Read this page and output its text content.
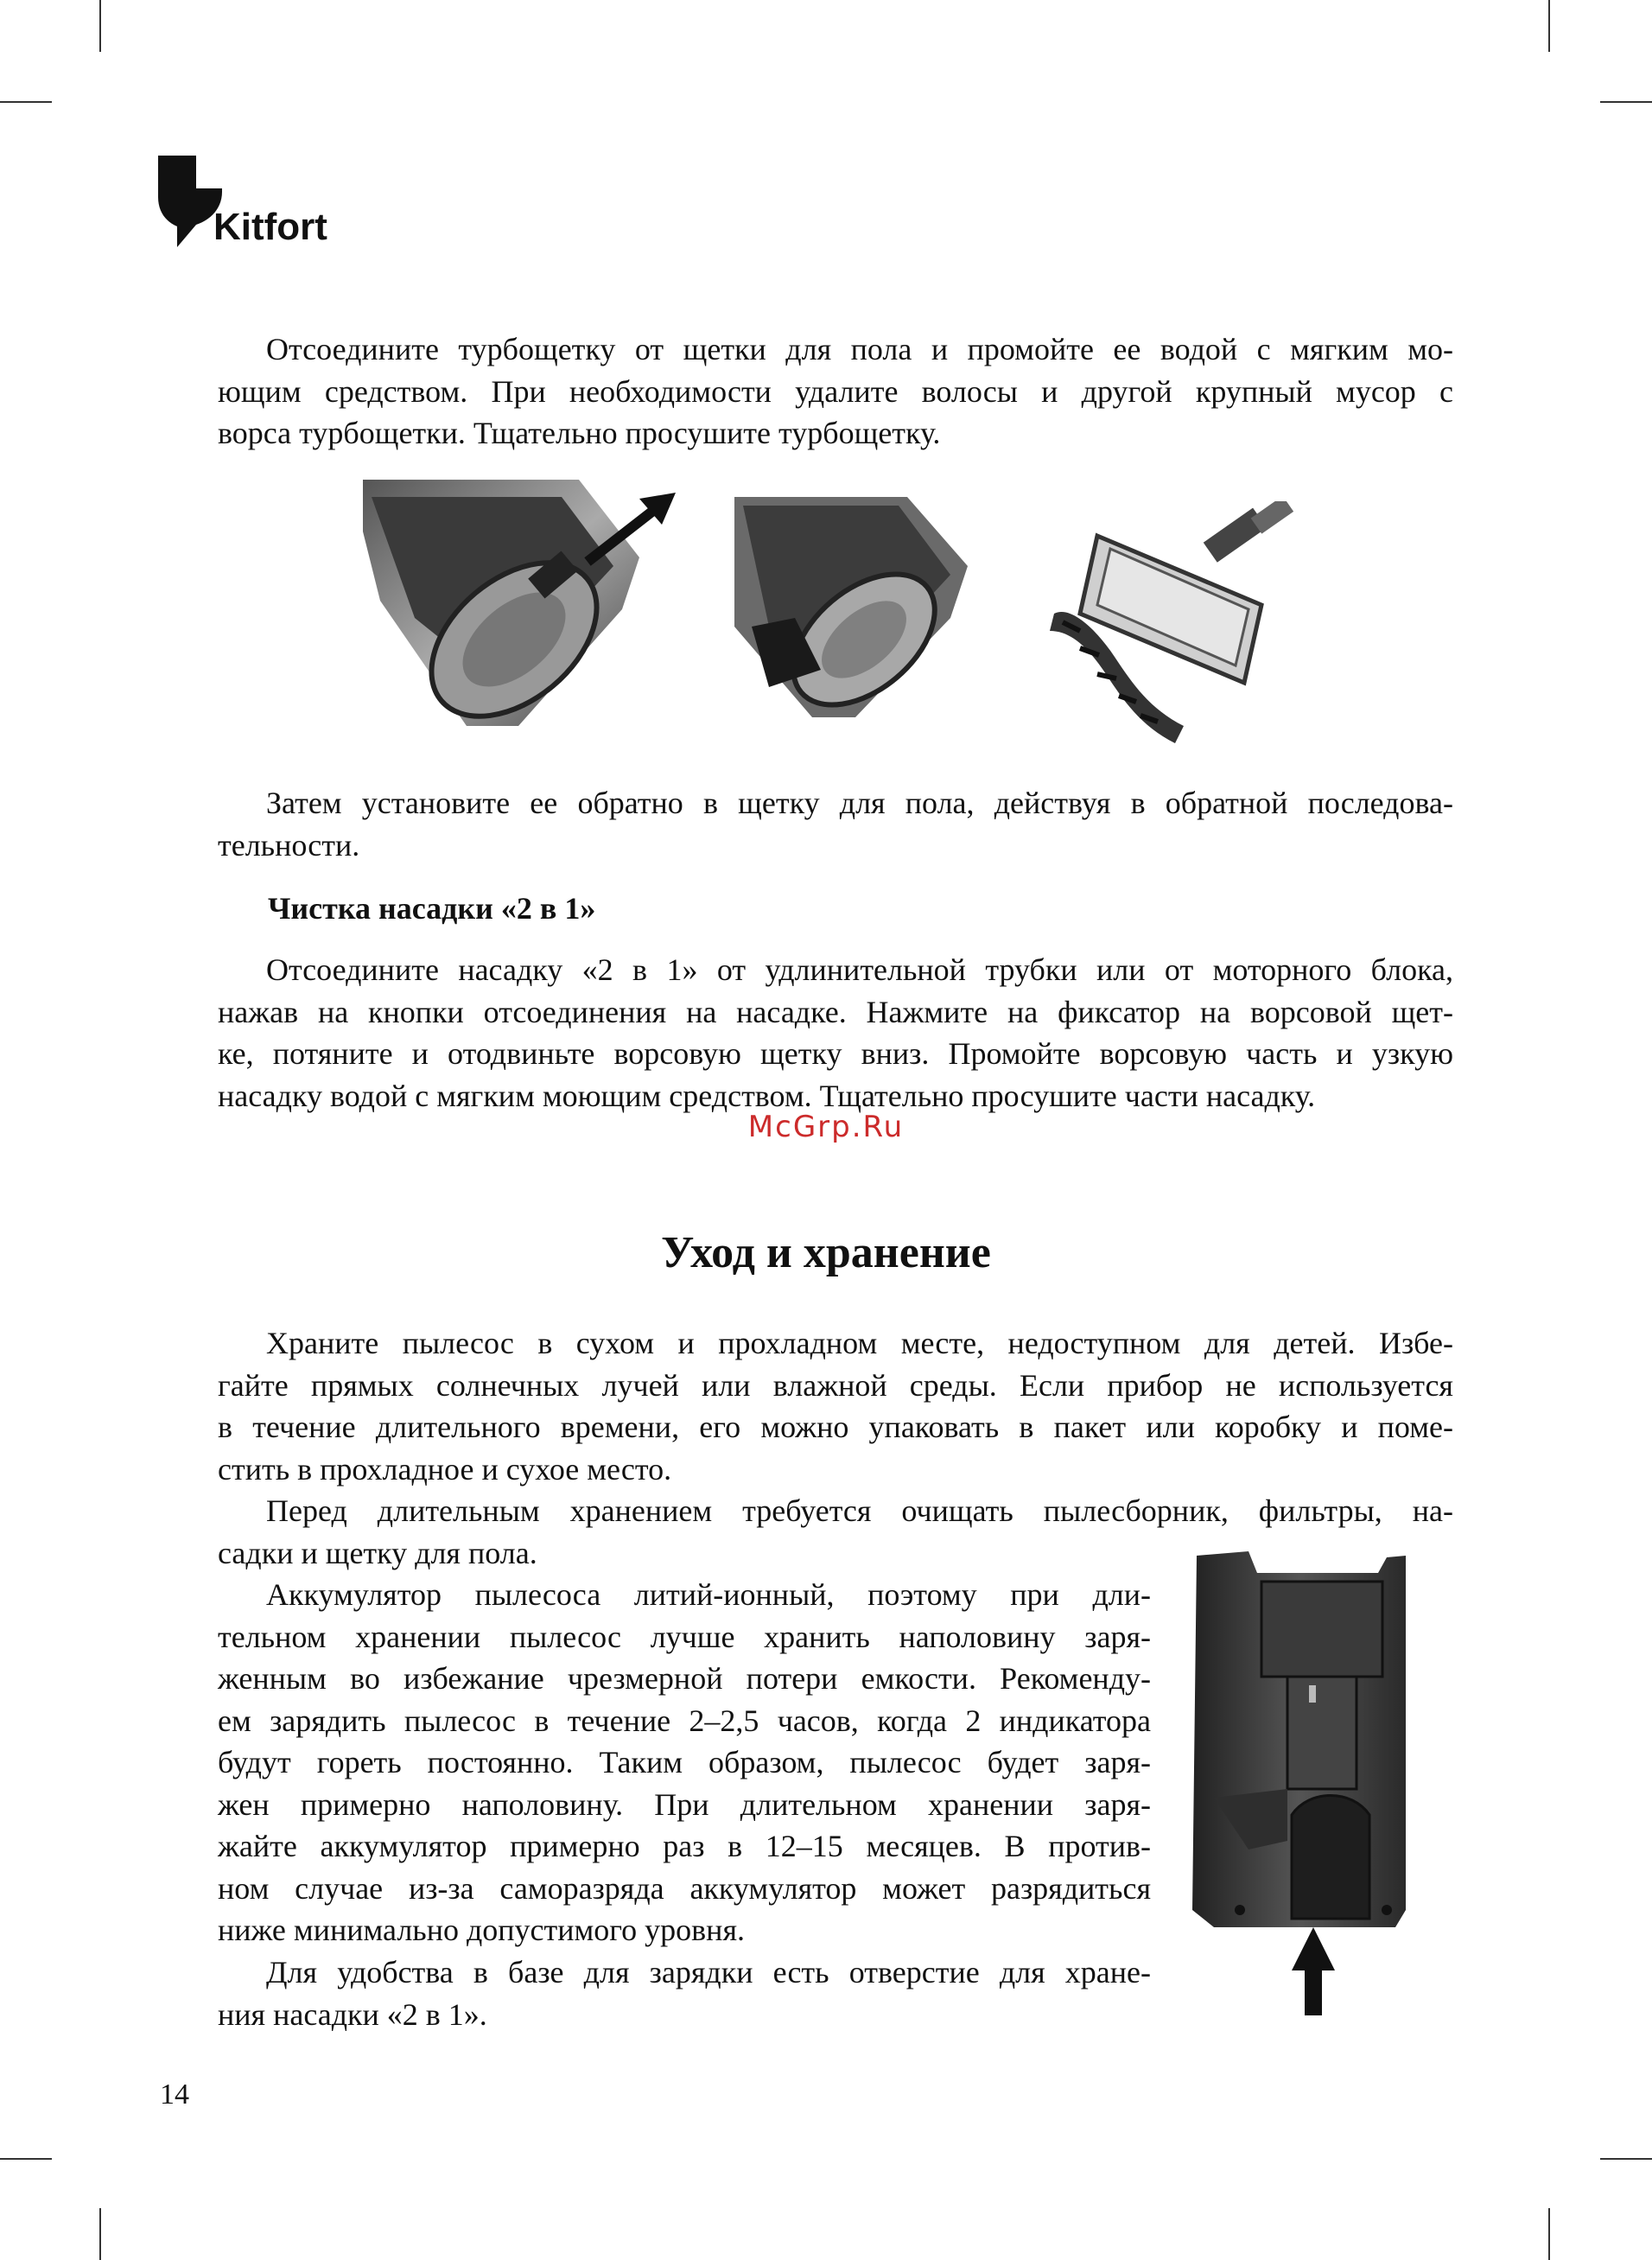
Kitfort
Отсоедините турбощетку от щетки для пола и промойте ее водой с мягким мо-
ющим средством. При необходимости удалите волосы и другой крупный мусор с
ворса турбощетки. Тщательно просушите турбощетку.
Затем установите ее обратно в щетку для пола, действуя в обратной последова-
тельности.
Чистка насадки «2 в 1»
Отсоедините насадку «2 в 1» от удлинительной трубки или от моторного блока,
нажав на кнопки отсоединения на насадке. Нажмите на фиксатор на ворсовой щет-
ке, потяните и отодвиньте ворсовую щетку вниз. Промойте ворсовую часть и узкую
насадку водой с мягким моющим средством. Тщательно просушите части насадку.
McGrp.Ru
Уход и хранение
Храните пылесос в сухом и прохладном месте, недоступном для детей. Избе-
гайте прямых солнечных лучей или влажной среды. Если прибор не используется
в течение длительного времени, его можно упаковать в пакет или коробку и поме-
стить в прохладное и сухое место.
Перед длительным хранением требуется очищать пылесборник, фильтры, на-
садки и щетку для пола.
Аккумулятор пылесоса литий-ионный, поэтому при дли-
тельном хранении пылесос лучше хранить наполовину заря-
женным во избежание чрезмерной потери емкости. Рекоменду-
ем зарядить пылесос в течение 2–2,5 часов, когда 2 индикатора
будут гореть постоянно. Таким образом, пылесос будет заря-
жен примерно наполовину. При длительном хранении заря-
жайте аккумулятор примерно раз в 12–15 месяцев. В против-
ном случае из-за саморазряда аккумулятор может разрядиться
ниже минимально допустимого уровня.
Для удобства в базе для зарядки есть отверстие для хране-
ния насадки «2 в 1».
14
